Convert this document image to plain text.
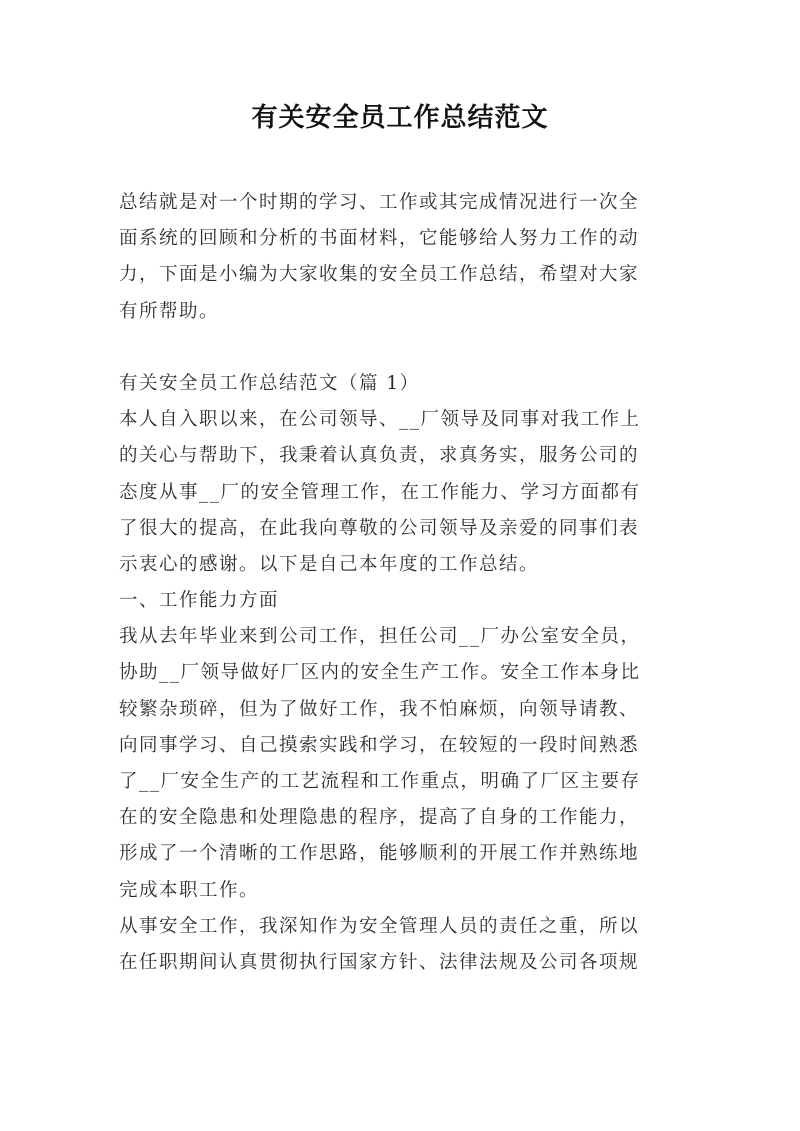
有关安全员工作总结范文
总结就是对一个时期的学习、工作或其完成情况进行一次全
面系统的回顾和分析的书面材料，它能够给人努力工作的动
力，下面是小编为大家收集的安全员工作总结，希望对大家
有所帮助。
有关安全员工作总结范文（篇 1）
本人自入职以来，在公司领导、__厂领导及同事对我工作上
的关心与帮助下，我秉着认真负责，求真务实，服务公司的
态度从事__厂的安全管理工作，在工作能力、学习方面都有
了很大的提高，在此我向尊敬的公司领导及亲爱的同事们表
示衷心的感谢。以下是自己本年度的工作总结。
一、工作能力方面
我从去年毕业来到公司工作，担任公司__厂办公室安全员，
协助__厂领导做好厂区内的安全生产工作。安全工作本身比
较繁杂琐碎，但为了做好工作，我不怕麻烦，向领导请教、
向同事学习、自己摸索实践和学习，在较短的一段时间熟悉
了__厂安全生产的工艺流程和工作重点，明确了厂区主要存
在的安全隐患和处理隐患的程序，提高了自身的工作能力，
形成了一个清晰的工作思路，能够顺利的开展工作并熟练地
完成本职工作。
从事安全工作，我深知作为安全管理人员的责任之重，所以
在任职期间认真贯彻执行国家方针、法律法规及公司各项规
